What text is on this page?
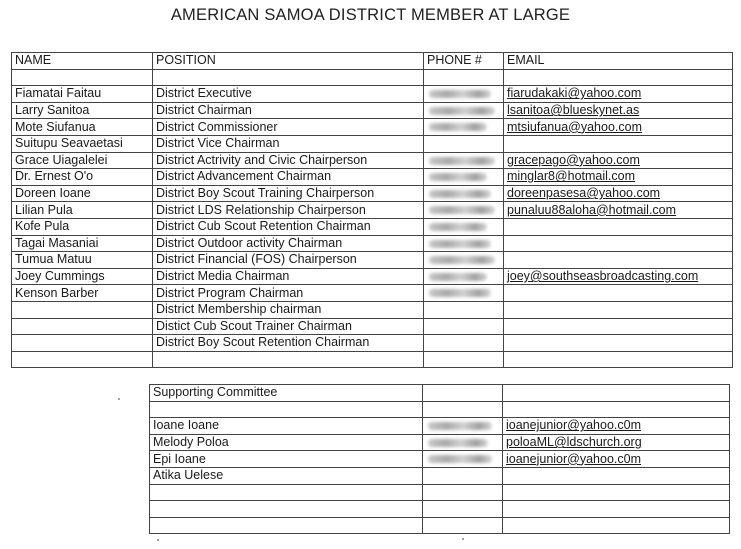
AMERICAN SAMOA DISTRICT MEMBER AT LARGE
NAME	POSITION	PHONE #	EMAIL

Fiamatai Faitau	District Executive		fiarudakaki@yahoo.com
Larry Sanitoa	District Chairman		lsanitoa@blueskynet.as
Mote Siufanua	District Commissioner		mtsiufanua@yahoo.com
Suitupu Seavaetasi	District Vice Chairman		
Grace Uiagalelei	District Actrivity and Civic Chairperson		gracepago@yahoo.com
Dr. Ernest O'o	District Advancement Chairman		minglar8@hotmail.com
Doreen Ioane	District Boy Scout Training Chairperson		doreenpasesa@yahoo.com
Lilian Pula	District LDS Relationship Chairperson		punaluu88aloha@hotmail.com
Kofe Pula	District Cub Scout Retention Chairman		
Tagai Masaniai	District Outdoor activity Chairman		
Tumua Matuu	District Financial (FOS) Chairperson		
Joey Cummings	District Media Chairman		joey@southseasbroadcasting.com
Kenson Barber	District Program Chairman		
	District Membership chairman		
	Distict Cub Scout Trainer Chairman		
	District Boy Scout Retention Chairman		

Supporting Committee		

Ioane Ioane		ioanejunior@yahoo.c0m
Melody Poloa		poloaML@ldschurch.org
Epi Ioane		ioanejunior@yahoo.c0m
Atika Uelese		
